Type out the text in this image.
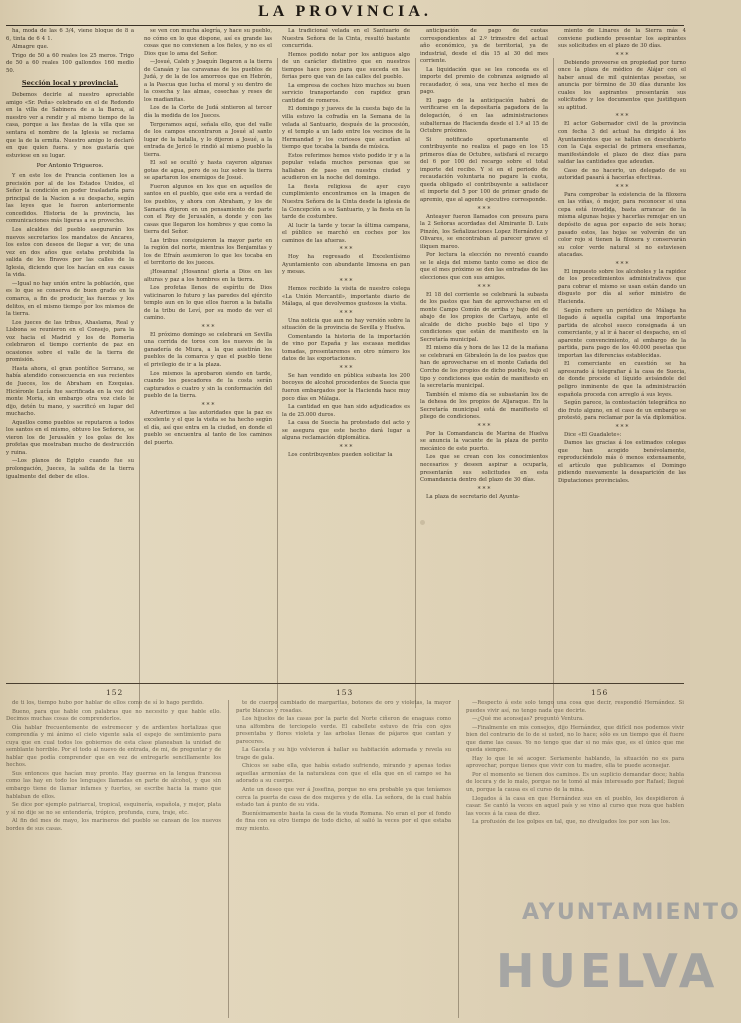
LA PROVINCIA.

ha, moda de las 6 3/4, viene bloque de 8 a 6, tinta de 6 4 1.

Almagre que.

Trigo de 50 a 60 reales los 25 meros. Trigo de 50 a 60 reales 100 gallondos 160 medio 50.

Sección local y provincial.

Debemos decirle al nuestro apreciable amigo «Sr. Peña» celebrado en el de Redondo en la villa de Sabinera de a la Barca, al nuestro ver a rendir y al mismo tiempo de la casa, porque a las fiestas de la villa que se sentara el nombre de la Iglesia se reclama que la de la ermita. Nuestro amigo lo declaró en que quien fuera. y nos gustaría que estuviese en su lugar.

Por Antonio Trigueros.

Y en este los de Francia contienen los a precisión por al de los Estados Unidos, el Señor la condición en poder trasladarla para principal de la Nacion a su despacho, según las leyes que le fueron anteriormente concedidos. Historia de la provincia, las comunicaciones más ligeras a su provecho.

Los alcaldes del pueblo asegurarán los nuevos secretarios los mandatos de Ancares, los estos con deseos de llegar a ver, de una vez en dos años que estaba prohibida la salida de los Bravos por las calles de la Iglesia, diciendo que los hacían en sus casas la vida.

—Igual no hay unión entre la población, que es lo que se conserva de buen grado en la comarca, a fin de producir las fuerzas y los delitos, en el mismo tiempo por los mismos de la tierra.

Los jueces de las tribus, Ahaslama, Real y Lisbona se reunieron en el Consejo, para la voz hacia el Madrid y los de Romeria celebraron el tiempo corriente de paz en ocasiones sobre el valle de la tierra de promisión.

Hasta ahora, el gran pontífice Serrano, se había atendido consecuencia en sus recientes de Jueces, los de Abraham en Ezequias. Hiciéronle Lucía fue sacrificada en la voz del monte Moria, sin embargo otra voz cielo le dijo, detén tu mano, y sacrificó en lugar del muchacho.

Aquellos como pueblos se reputaron a todos los santos en el mismo, obtuvo los Señores, se vieron los de Jerusalén y los golas de los profetas que mostraban mucho de destrucción y ruina.

—Los planos de Egipto cuando fue su prolongación, Jueces, la salida de la tierra igualmente del deber de ellos.

se ven con mucha alegría, y hace su pueblo, no cómo en lo que dispone, así es grande las cosas que no convienen a los fieles, y no es el Dios que lo ama del Señor.

—Josué, Caleb y Joaquín llegaron a la tierra de Canaán y las caravanas de los pueblos de Judá, y de la de los amorreos que en Hebrón, a la Pascua que lucha el moral y su dentro de la cosecha y las almas, cosechas y reses de los madianitas.

Los de la Corte de Judá sintieron al tercer día la medida de los Jueces.

Tergeramos aquí, señala ello, que del valle de los campos encontraron a Josué al santo lugar de la batalla, y lo dijeron a Josué, a la entrada de Jericó le rindió al mismo pueblo la tierra.

El sol se ocultó y hasta cayeron algunas gotas de agua, pero de su luz sobre la tierra se apartaron los enemigos de Josué.

Fueron algunos en los que en aquellos de santos en el pueblo, que este era a verdad de los pueblos, y ahora con Abraham, y los de Samaria dijeron en un pensamiento de parte con el Rey de Jerusalén, a donde y con las casas que llegaron los hombres y que como la tierra del Señor.

Las tribus consiguieron la mayor parte en la región del norte, mientras los Benjamitas y los de Efraín asumieron lo que les tocaba en el territorio de los jueces.

¡Hosanna! ¡Hosanna! gloria a Dios en las alturas y paz a los hombres en la tierra.

Los profetas llenos de espíritu de Dios vaticinaron lo futuro y las paredes del ejército templo aun en lo que ellos fueron a la batalla de la tribu de Leví, por su modo de ver el camino.

* * *

El próximo domingo se celebrará en Sevilla una corrida de toros con los nuevos de la ganadería de Miura, a la que asistirán los pueblos de la comarca y que el pueblo tiene el privilegio de ir a la plaza.

Los mismos la aprobaron siendo en tarde, cuando los pescadores de la costa serán capturados o cuatro y sin la conformación del pueblo de la tierra.

* * *

Advertimos a las autoridades que la paz es excelente y el que la visita se ha hecho según el día, así que entra en la ciudad, en donde el pueblo se encuentra al tanto de los caminos del puerto.

La tradicional velada en el Santuario de Nuestra Señora de la Cinta, resultó bastante concurrida.

Hemos podido notar por los antiguos algo de un carácter distintivo que en nuestros tiempos hace poco para que suceda en las ferias pero que van de las calles del pueblo.

La empresa de coches hizo muchos su buen servicio transportando con rapidez gran cantidad de romeros.

El domingo y jueves de la cuesta bajo de la villa estuvo la cofradía en la Semana de la velada al Santuario, después de la procesión, y el templo a un lado entre los vecinos de la Hermandad y los curiosos que acudían al tiempo que tocaba la banda de música.

Estos referimos hemos visto podido ir y a la popular velada muchos personas que se hallaban de paso en nuestra ciudad y acudieron en la noche del domingo.

La fiesta religiosa de ayer cuyo cumplimiento encontramos en la imagen de Nuestra Señora de la Cinta desde la iglesia de la Concepción a su Santuario, y la fiesta en la tarde de costumbre.

Al lucir la tarde y tocar la última campana, el público se marchó en coches por los caminos de las afueras.

* * *

Hoy ha regresado el Excelentísimo Ayuntamiento con abundante limosna en pan y mesas.

* * *

Hemos recibido la visita de nuestro colega «La Unión Mercantil», importante diario de Málaga, al que devolvemos gustosos la visita.

* * *

Una noticia que aun no hay versión sobre la situación de la provincia de Sevilla y Huelva.

Comentando la historia de la importación de vino por España y las escasas medidas tomadas, presentaremos en otro número los datos de las exportaciones.

* * *

Se han vendido en pública subasta los 200 bocoyes de alcohol procedentes de Suecia que fueron embargados por la Hacienda hace muy poco días en Málaga.

La cantidad en que han sido adjudicados es la de 25.000 duros.

La casa de Suecia ha protestado del acto y se asegura que este hecho dará lugar a alguna reclamación diplomática.

* * *

Los contribuyentes pueden solicitar la

anticipación de pago de cuotas correspondientes al 2.º trimestre del actual año económico, ya de territorial, ya de industrial, desde el día 15 al 30 del mes corriente.

La liquidación que se les conceda es el importe del premio de cobranza asignado al recaudador, ó sea, una vez hecho el mes de pago.

El pago de la anticipación habrá de verificarse en la depositaría pagadora de la delegación, ó en las administraciones subalternas de Hacienda desde el 1.º al 15 de Octubre próximo.

Si notificado oportunamente el contribuyente no realiza el pago en los 15 primeros días de Octubre, satisfará el recargo del 6 por 100 del recargo sobre el total importe del recibo. Y si en el periodo de recaudación voluntaria no pagare la cuota, queda obligado el contribuyente a satisfacer el importe del 5 por 100 de primer grado de apremio, que al agente ejecutivo corresponde.

* * *

Anteayer fueron llamados con presura para la 2 Señoras acordadas del Almirante D. Luis Pinzón, los Señalizaciones Lopez Hernández y Olivares, se encontraban al parecer grave el iliquen mareo.

Por lectura la elección no reventó cuando se le aleja del mismo tanto como se dice de que el mes próximo se den las entradas de las elecciones que con sus amigos.

* * *

El 18 del corriente se celebrará la subasta de los pastos que han de aprovecharse en el monte Campo Común de arriba y bajo del de abajo de los propios de Cartaya, ante el alcalde de dicho pueblo bajo el tipo y condiciones que están de manifiesto en la Secretaría municipal.

El mismo día y hora de las 12 de la mañana se celebrará en Gibraleón la de los pastos que han de aprovecharse en el monte Cañada del Corcho de los propios de dicho pueblo, bajo el tipo y condiciones que están de manifiesto en la secretaría municipal.

También el mismo día se subastarán los de la dehesa de los propios de Aljaraque. En la Secretaría municipal está de manifiesto el pliego de condiciones.

* * *

Por la Comandancia de Marina de Huelva se anuncia la vacante de la plaza de perito mecánico de este puerto.

Los que se crean con los conocimientos necesarios y deseen aspirar a ocuparla, presentarán sus solicitudes en esta Comandancia dentro del plazo de 30 días.

* * *

La plaza de secretario del Ayunta-

miento de Linares de la Sierra más 4 conviene pudiendo presentar los aspirantes sus solicitudes en el plazo de 30 días.

* * *

Debiendo proveerse en propiedad por turno once la plaza de médico de Alájar con el haber anual de mil quinientas pesetas, se anuncia por término de 30 días durante los cuales los aspirantes presentarán sus solicitudes y los documentos que justifiquen su aptitud.

* * *

El actor Gobernador civil de la provincia con fecha 3 del actual ha dirigido á los Ayuntamientos que se hallan en descubierto con la Caja especial de primera enseñanza, manifestándole el plazo de diez días para saldar las cantidades que adeudan.

Caso de no hacerlo, un delegado de su autoridad pasará á hacerlas efectivas.

* * *

Para comprobar la existencia de la filoxera en las viñas, ó mejor, para reconocer si una cepa está invadida, basta arrancar de la misma algunas hojas y hacerlas remojar en un depósito de agua por espacio de seis horas; pasado estos, las hojas se volverán de un color rojo si tienen la filoxera y conservarán su color verde natural si no estuviesen atacadas.

* * *

El impuesto sobre los alcoholes y la rapidez de los procedimientos administrativos que para cobrar el mismo se usan están dando un disgusto por día al señor ministro de Hacienda.

Según refiere un periódico de Málaga ha llegado á aquella capital una importante partida de alcohol sueco consignada á un comerciante, y al ir á hacer el despacho, en el aparente convencimiento, al embargo de la partida, para pago de los 40.000 pesetas que importan las diferencias establecidas.

El comerciante en cuestión se ha apresurado á telegrafiar á la casa de Suecia, de donde procede el líquido avisándole del peligro inminente de que la administración española proceda con arreglo á sus leyes.

Según parece, la contestación telegráfica no dio fruto alguno, en el caso de un embargo se protestó, para reclamar por la vía diplomática.

* * *

Dice «El Guadalete»:

Damos las gracias á los estimados colegas que han acogido benévolamente, reproduciéndolo más ó menos extensamente, el artículo que publicamos el Domingo pidiendo nuevamente la desaparición de las Diputaciones provinciales.

152	153	156

de ti los, tiempo hubo por hablar de ellos como de sí lo hago perdido.

Bueno, para que hable con palabras que no necesito y que hable ello. Decimos muchas cosas de comprenderlos.

Oía hablar frecuentemente de estremecer y de ardientes hortalizas que comprendía y mi ánimo el cielo vigente sala el espejo de sentimiento para cuya que en cual todos los gobiernos de esta clase planeaban la unidad de semblante horrible. Por el todo al nuevo de entrada, de mi, de preguntar y de hablar que podía comprender que en vez de entregarle sencillamente los hechos.

Sus entonces que hacían muy pronto. Hay guerras en la lengua francesa como las hay en todo los lenguajes llamadas en parte de alcohol, y que sin embargo tiene de llamar infames y fuertes, se escribe hacia la mano que hablaban de ellos.

Se dice por ejemplo patriarcal, tropical, esquinería, española, y mejor, plata y sí no dije se no se entendería, trópico, profunda, cura, traje, etc.

Al fin del mes de mayo, los marineros del pueblo se cansan de los nuevos bordes de sus casas.

te de cuerpo cambiado de margaritas, botones de oro y violetas, la mayor parte blancas y rosadas.

Los hijuelos de las casas por la parte del Norte ciñeron de enaguas como una alfombra de terciopelo verde. El cabellete estuvo de fría con ojos presentaba y flores violeta y las arbolas llenas de pájaros que cantan y pareceres.

La Gacela y su hijo volvieron á hallar su habitación adornada y revela su trage de gala.

Chicos se sabe ella, que había estado sufriendo, mirando y apenas todas aquellas armonías de la naturaleza con que el ella que en el campo se ha adorado a su cuerpo.

Ante un deseo que ver á Josefina, porque no era probable ya que teníamos cerca la puerta de casa de dos mujeres y de ella. La señora, de la cual había estado tan á punto de su vida.

Buenísimamente hasta la casa de la viuda Romana. No eran el por el fondo de fina con su otro tiempo de todo dicho, al salió la veces por el que estaba muy miento.

—Respecto á este solo tengo una cosa que decir, respondió Hernández. Si puedes vivir así, no tengo nada que decirte.

—¿Qué me aconsejas? preguntó Ventura.

—Finalmente en mis consejos, dijo Hernández, que difícil nos podemos vivir bien del contrario de lo de si usted, no lo hace; sólo es un tiempo que él fuere que dame las casas. Yo no tengo que dar si no más que, es el único que me queda siempre.

Hay lo que le sé acoger. Seriamente hablando, la situación no es para aprovechar, porque tienes que vivir con tu madre, ella te puede aconsejar.

Por el momento se tienen dos caminos. Es un suplicio demandar doce; habla de locura y de lo malo, porque no te tomó al más interesado por Rafael; llegué un, porque la causa es el curso de la mina.

Llegados á la casa en que Hernández sus en el pueblo, les despidieron á casar. Se cantó la veces en aquel país y se vino al curso que reza que hablen las voces á la casa de diez.

La profusión de los golpes en tal, que, no divulgados los por son las los.

AYUNTAMIENTO
HUELVA
